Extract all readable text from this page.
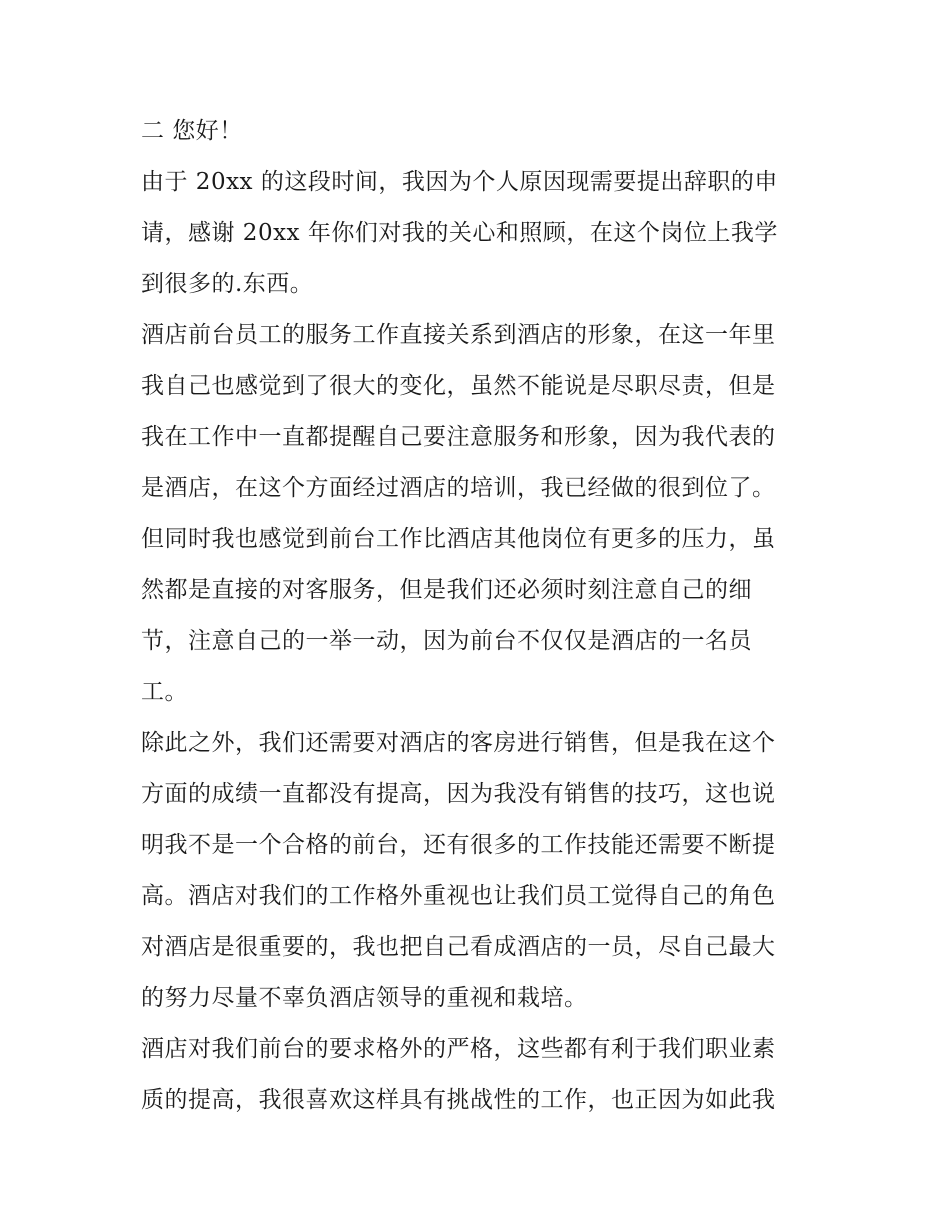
二 您好！
由于 20xx 的这段时间，我因为个人原因现需要提出辞职的申
请，感谢 20xx 年你们对我的关心和照顾，在这个岗位上我学
到很多的.东西。
酒店前台员工的服务工作直接关系到酒店的形象，在这一年里
我自己也感觉到了很大的变化，虽然不能说是尽职尽责，但是
我在工作中一直都提醒自己要注意服务和形象，因为我代表的
是酒店，在这个方面经过酒店的培训，我已经做的很到位了。
但同时我也感觉到前台工作比酒店其他岗位有更多的压力，虽
然都是直接的对客服务，但是我们还必须时刻注意自己的细
节，注意自己的一举一动，因为前台不仅仅是酒店的一名员
工。
除此之外，我们还需要对酒店的客房进行销售，但是我在这个
方面的成绩一直都没有提高，因为我没有销售的技巧，这也说
明我不是一个合格的前台，还有很多的工作技能还需要不断提
高。酒店对我们的工作格外重视也让我们员工觉得自己的角色
对酒店是很重要的，我也把自己看成酒店的一员，尽自己最大
的努力尽量不辜负酒店领导的重视和栽培。
酒店对我们前台的要求格外的严格，这些都有利于我们职业素
质的提高，我很喜欢这样具有挑战性的工作，也正因为如此我
